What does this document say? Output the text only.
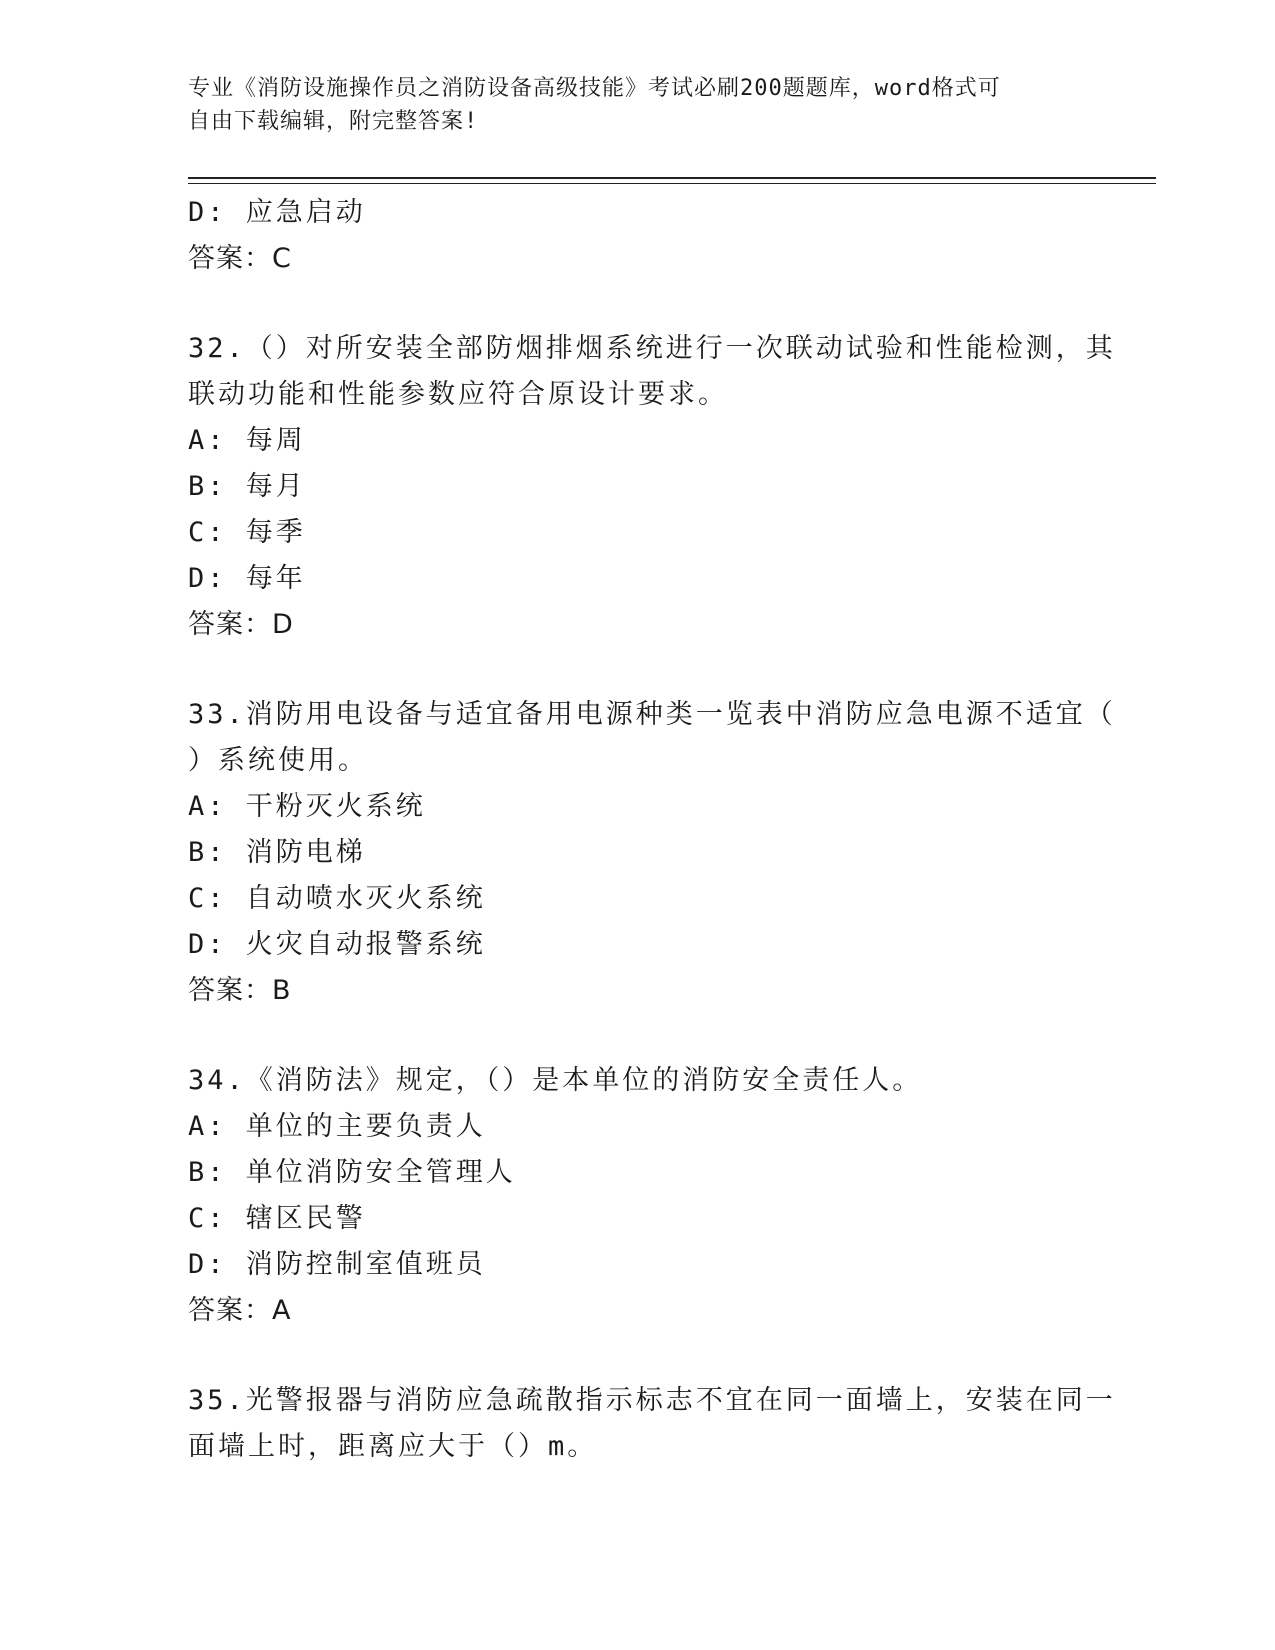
专业《消防设施操作员之消防设备高级技能》考试必刷200题题库，word格式可
自由下载编辑，附完整答案!
D: 应急启动
答案：C
32.（）对所安装全部防烟排烟系统进行一次联动试验和性能检测，其
联动功能和性能参数应符合原设计要求。
A: 每周
B: 每月
C: 每季
D: 每年
答案：D
33.消防用电设备与适宜备用电源种类一览表中消防应急电源不适宜（
）系统使用。
A: 干粉灭火系统
B: 消防电梯
C: 自动喷水灭火系统
D: 火灾自动报警系统
答案：B
34.《消防法》规定，（）是本单位的消防安全责任人。
A: 单位的主要负责人
B: 单位消防安全管理人
C: 辖区民警
D: 消防控制室值班员
答案：A
35.光警报器与消防应急疏散指示标志不宜在同一面墙上，安装在同一
面墙上时，距离应大于（）m。
